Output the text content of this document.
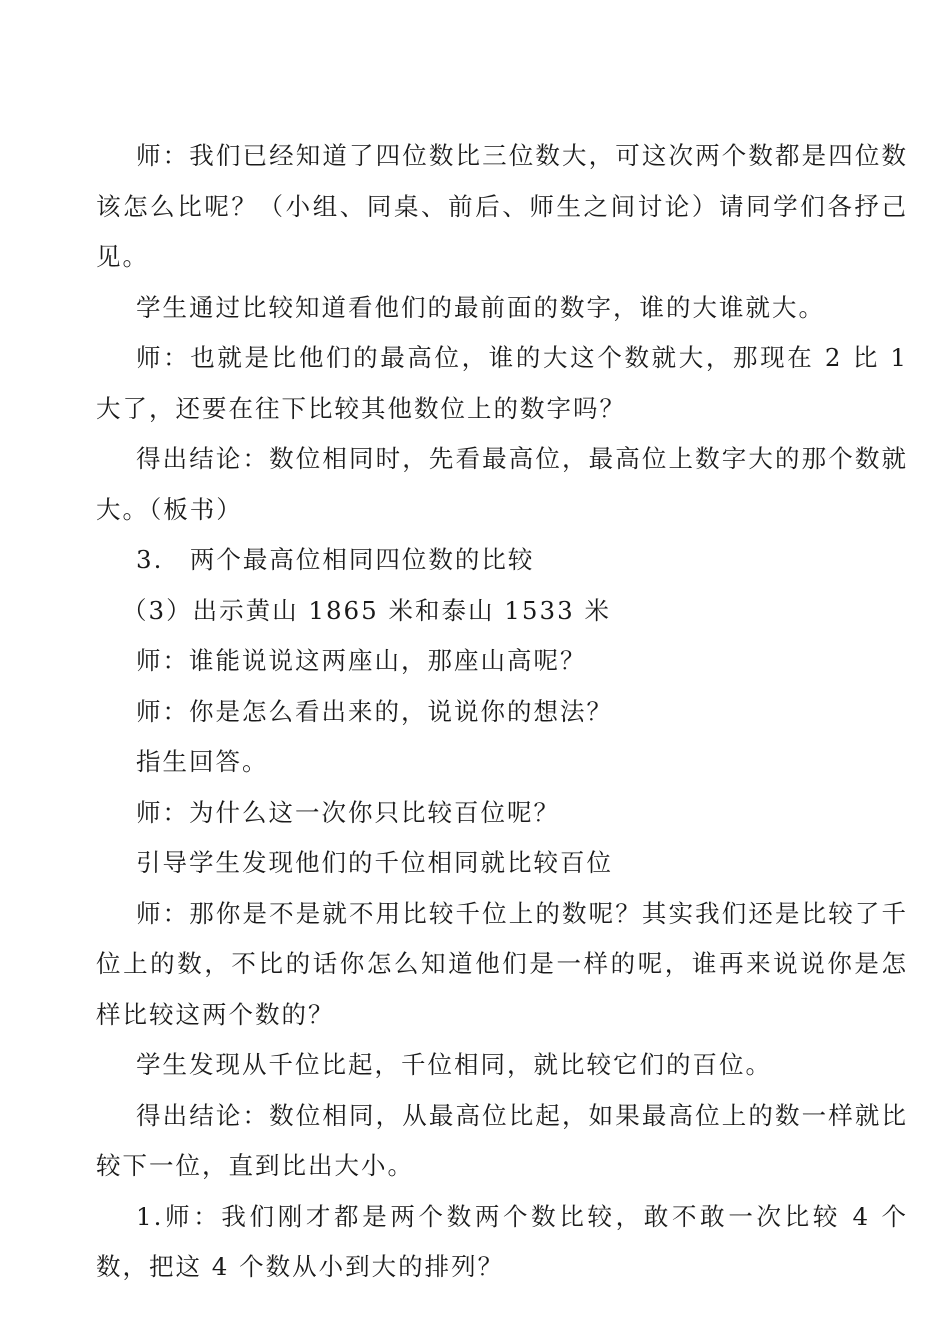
师：我们已经知道了四位数比三位数大，可这次两个数都是四位数该怎么比呢？（小组、同桌、前后、师生之间讨论）请同学们各抒己见。

学生通过比较知道看他们的最前面的数字，谁的大谁就大。

师：也就是比他们的最高位，谁的大这个数就大，那现在 2 比 1 大了，还要在往下比较其他数位上的数字吗？

得出结论：数位相同时，先看最高位，最高位上数字大的那个数就大。（板书）

3.　两个最高位相同四位数的比较

（3）出示黄山 1865 米和泰山 1533 米

师：谁能说说这两座山，那座山高呢？

师：你是怎么看出来的，说说你的想法？

指生回答。

师：为什么这一次你只比较百位呢？

引导学生发现他们的千位相同就比较百位

师：那你是不是就不用比较千位上的数呢？其实我们还是比较了千位上的数，不比的话你怎么知道他们是一样的呢，谁再来说说你是怎样比较这两个数的？

学生发现从千位比起，千位相同，就比较它们的百位。

得出结论：数位相同，从最高位比起，如果最高位上的数一样就比较下一位，直到比出大小。

1.师：我们刚才都是两个数两个数比较，敢不敢一次比较 4 个数，把这 4 个数从小到大的排列？
